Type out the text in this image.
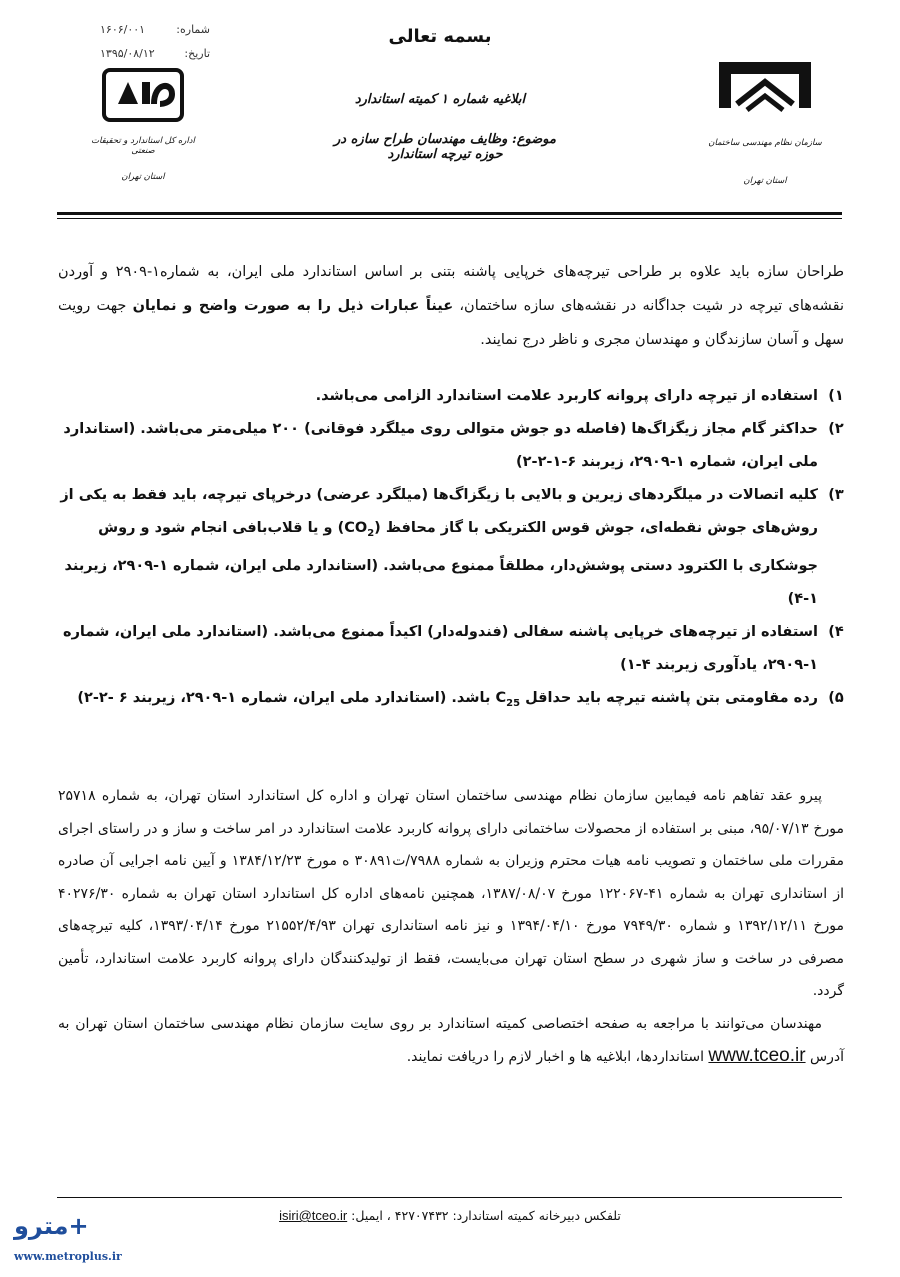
بسمه تعالی
شماره:
۱۶۰۶/۰۰۱
تاریخ:
۱۳۹۵/۰۸/۱۲
ابلاغیه شماره ۱ کمیته استاندارد
موضوع: وظایف مهندسان طراح سازه در حوزه تیرچه استاندارد
اداره کل استاندارد و تحقیقات صنعتی
استان تهران
سازمان نظام مهندسی ساختمان
استان تهران
طراحان سازه باید علاوه بر طراحی تیرچه‌های خرپایی پاشنه بتنی بر اساس استاندارد ملی ایران، به شماره۱-۲۹۰۹ و آوردن نقشه‌های تیرچه در شیت جداگانه در نقشه‌های سازه ساختمان، عیناً عبارات ذیل را به صورت واضح و نمایان جهت رویت سهل و آسان سازندگان و مهندسان مجری و ناظر درج نمایند.
۱)
استفاده از تیرچه دارای پروانه کاربرد علامت استاندارد الزامی می‌باشد.
۲)
حداکثر گام مجاز زیگزاگ‌ها (فاصله دو جوش متوالی روی میلگرد فوقانی) ۲۰۰ میلی‌متر می‌باشد. (استاندارد ملی ایران، شماره ۱-۲۹۰۹، زیربند ۶-۱-۲-۲)
۳)
کلیه اتصالات در میلگردهای زیرین و بالایی با زیگزاگ‌ها (میلگرد عرضی) درخرپای تیرچه، باید فقط به یکی از روش‌های جوش نقطه‌ای، جوش قوس الکتریکی با گاز محافظ $(CO_2)$ و یا قلاب‌بافی انجام شود و روش جوشکاری با الکترود دستی پوشش‌دار، مطلقاً ممنوع می‌باشد. (استاندارد ملی ایران، شماره ۱-۲۹۰۹، زیربند ۱-۴)
۴)
استفاده از تیرچه‌های خرپایی پاشنه سفالی (فندوله‌دار) اکیداً ممنوع می‌باشد. (استاندارد ملی ایران، شماره ۱-۲۹۰۹، یادآوری زیربند ۴-۱)
۵)
رده مقاومتی بتن پاشنه تیرچه باید حداقل $C_{25}$ باشد. (استاندارد ملی ایران، شماره ۱-۲۹۰۹، زیربند ۶ -۲-۲)

پیرو عقد تفاهم نامه فیمابین سازمان نظام مهندسی ساختمان استان تهران و اداره کل استاندارد استان تهران، به شماره ۲۵۷۱۸ مورخ ۹۵/۰۷/۱۳، مبنی بر استفاده از محصولات ساختمانی دارای پروانه کاربرد علامت استاندارد در امر ساخت و ساز و در راستای اجرای مقررات ملی ساختمان و تصویب نامه هیات محترم وزیران به شماره ۷۹۸۸/ت۳۰۸۹۱ ه مورخ ۱۳۸۴/۱۲/۲۳ و آیین نامه اجرایی آن صادره از استانداری تهران به شماره ۴۱-۱۲۲۰۶۷ مورخ ۱۳۸۷/۰۸/۰۷، همچنین نامه‌های اداره کل استاندارد استان تهران به شماره ۴۰۲۷۶/۳۰ مورخ ۱۳۹۲/۱۲/۱۱ و شماره ۷۹۴۹/۳۰ مورخ ۱۳۹۴/۰۴/۱۰ و نیز نامه استانداری تهران ۲۱۵۵۲/۴/۹۳ مورخ ۱۳۹۳/۰۴/۱۴، کلیه تیرچه‌های مصرفی در ساخت و ساز شهری در سطح استان تهران می‌بایست، فقط از تولیدکنندگان دارای پروانه کاربرد علامت استاندارد، تأمین گردد.

مهندسان می‌توانند با مراجعه به صفحه اختصاصی کمیته استاندارد بر روی سایت سازمان نظام مهندسی ساختمان استان تهران به آدرس www.tceo.ir استانداردها، ابلاغیه ها و اخبار لازم را دریافت نمایند.

تلفکس دبیرخانه کمیته استاندارد: ۴۲۷۰۷۴۳۲ ، ایمیل: isiri@tceo.ir
مترو+
www.metroplus.ir
